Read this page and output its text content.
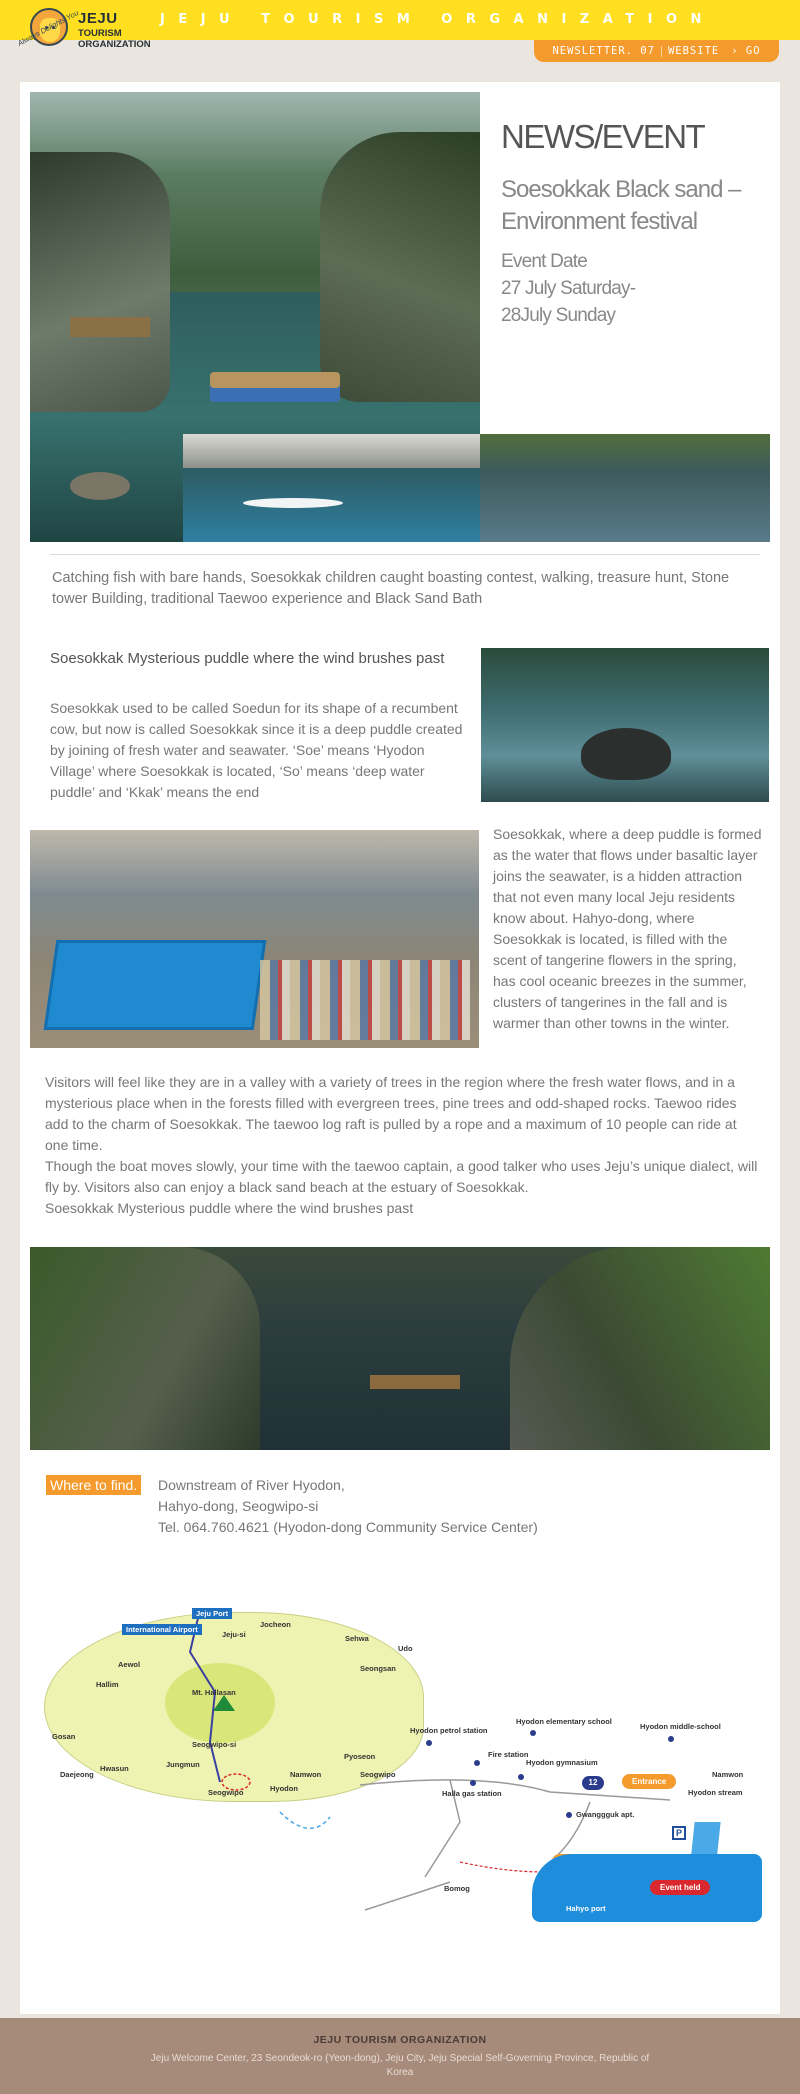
JEJU TOURISM ORGANIZATION
JEJU
TOURISM
ORGANIZATION
Always Delights You
NEWSLETTER. 07	WEBSITE	› GO
NEWS/EVENT
Soesokkak Black sand – Environment festival
Event Date
27 July Saturday-
28July Sunday
Catching fish with bare hands, Soesokkak children caught boasting contest, walking, treasure hunt, Stone tower Building, traditional Taewoo experience and Black Sand Bath
Soesokkak Mysterious puddle where the wind brushes past
Soesokkak used to be called Soedun for its shape of a recumbent cow, but now is called Soesokkak since it is a deep puddle created by joining of fresh water and seawater. ‘Soe’ means ‘Hyodon Village’ where Soesokkak is located, ‘So’ means ‘deep water puddle’ and ‘Kkak’ means the end
Soesokkak, where a deep puddle is formed as the water that flows under basaltic layer joins the seawater, is a hidden attraction that not even many local Jeju residents know about. Hahyo-dong, where Soesokkak is located, is filled with the scent of tangerine flowers in the spring, has cool oceanic breezes in the summer, clusters of tangerines in the fall and is warmer than other towns in the winter.
Visitors will feel like they are in a valley with a variety of trees in the region where the fresh water flows, and in a mysterious place when in the forests filled with evergreen trees, pine trees and odd-shaped rocks. Taewoo rides add to the charm of Soesokkak. The taewoo log raft is pulled by a rope and a maximum of 10 people can ride at one time.
Though the boat moves slowly, your time with the taewoo captain, a good talker who uses Jeju’s unique dialect, will fly by. Visitors also can enjoy a black sand beach at the estuary of Soesokkak.
Soesokkak Mysterious puddle where the wind brushes past
Where to find. Downstream of River Hyodon,
Hahyo-dong, Seogwipo-si
Tel. 064.760.4621 (Hyodon-dong Community Service Center)
Jeju Port
International Airport
Jeju-si
Jocheon
Sehwa
Udo
Seongsan
Aewol
Hallim
Mt. Hallasan
Gosan
Seogwipo-si
Pyoseon
Hwasun	Jungmun
Daejeong	Namwon
Seogwipo	Hyodon
Hyodon elementary school
Hyodon middle-school
Hyodon petrol station
Fire station
Hyodon gymnasium
12	Entrance
Namwon
Hyodon stream
Seogwipo
Halla gas station
Gwanggguk apt.
P
Bomog	Event held
Hahyo port
JEJU TOURISM ORGANIZATION
Jeju Welcome Center, 23 Seondeok-ro (Yeon-dong), Jeju City, Jeju Special Self-Governing Province, Republic of Korea
